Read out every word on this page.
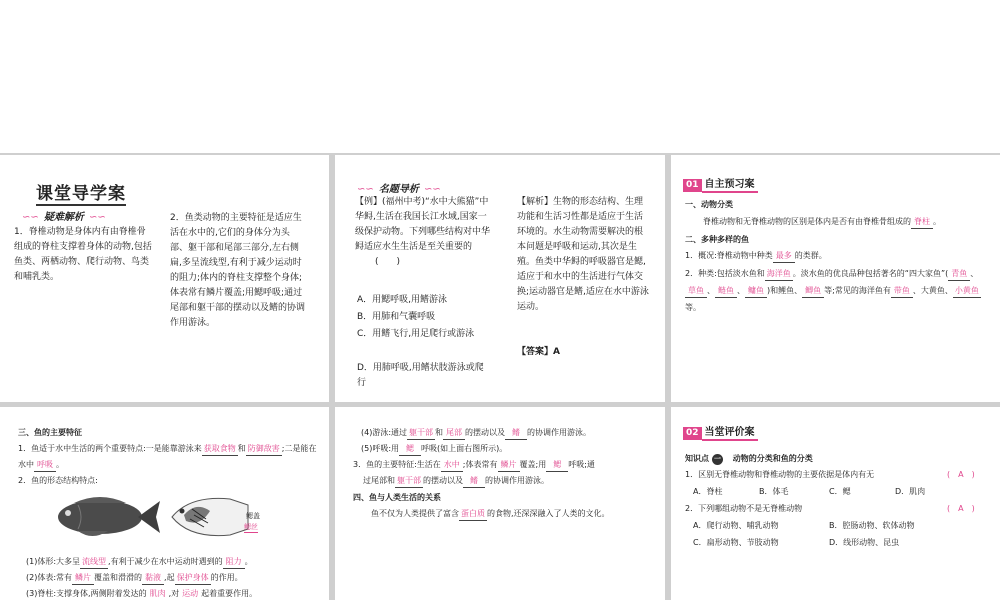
课堂导学案
∽∽ 疑难解析 ∽∽

1．脊椎动物是身体内有由脊椎骨组成的脊柱支撑着身体的动物,包括鱼类、两栖动物、爬行动物、鸟类和哺乳类。

2．鱼类动物的主要特征是适应生活在水中的,它们的身体分为头部、躯干部和尾部三部分,左右侧扁,多呈流线型,有利于减少运动时的阻力;体内的脊柱支撑整个身体;体表常有鳞片覆盖;用鳃呼吸;通过尾部和躯干部的摆动以及鳍的协调作用游泳。

∽∽ 名题导析 ∽∽
【例】(福州中考)“水中大熊猫”中华鲟,生活在我国长江水域,国家一级保护动物。下列哪些结构对中华鲟适应水生生活是至关重要的 (　　)
A．用鳃呼吸,用鳍游泳
B．用肺和气囊呼吸
C．用鳍飞行,用足爬行或游泳
D．用肺呼吸,用鳍状肢游泳或爬行

【解析】生物的形态结构、生理功能和生活习性都是适应于生活环境的。水生动物需要解决的根本问题是呼吸和运动,其次是生殖。鱼类中华鲟的呼吸器官是鳃,适应于和水中的生活进行气体交换;运动器官是鳍,适应在水中游泳运动。

【答案】A

01 自主预习案
一、动物分类
脊椎动物和无脊椎动物的区别是体内是否有由脊椎骨组成的 脊柱 。
二、多种多样的鱼
1．概况:脊椎动物中种类 最多 的类群。
2．种类:包括淡水鱼和 海洋鱼 。淡水鱼的优良品种包括著名的“四大家鱼”( 青鱼 、草鱼 、 鲢鱼 、 鳙鱼 )和鲤鱼、 鲫鱼 等;常见的海洋鱼有 带鱼 、大黄鱼、 小黄鱼等。
三、鱼的主要特征
1．鱼适于水中生活的两个重要特点:一是能靠游泳来 获取食物 和 防御敌害 ;二是能在水中 呼吸 。
2．鱼的形态结构特点:
鳃盖
鳃丝
(1)体形:大多呈 流线型 ,有利于减少在水中运动时遇到的 阻力 。
(2)体表:常有 鳞片 覆盖和滑滑的 黏液 ,起 保护身体 的作用。
(3)脊柱:支撑身体,两侧附着发达的 肌肉 ,对 运动 起着重要作用。
(4)游泳:通过 躯干部 和 尾部 的摆动以及 鳍 的协调作用游泳。
(5)呼吸:用 鳃 呼吸(如上面右图所示)。
3．鱼的主要特征:生活在 水中 ;体表常有 鳞片 覆盖;用 鳃 呼吸;通
过尾部和 躯干部 的摆动以及 鳍 的协调作用游泳。
四、鱼与人类生活的关系
鱼不仅为人类提供了富含 蛋白质 的食物,还深深融入了人类的文化。
02 当堂评价案
知识点 一 动物的分类和鱼的分类
1．区别无脊椎动物和脊椎动物的主要依据是体内有无	(　A　)
A．脊柱	B．体毛	C．鳃	D．肌肉
2．下列哪组动物不是无脊椎动物	(　A　)
A．爬行动物、哺乳动物	B．腔肠动物、软体动物
C．扁形动物、节肢动物	D．线形动物、昆虫
